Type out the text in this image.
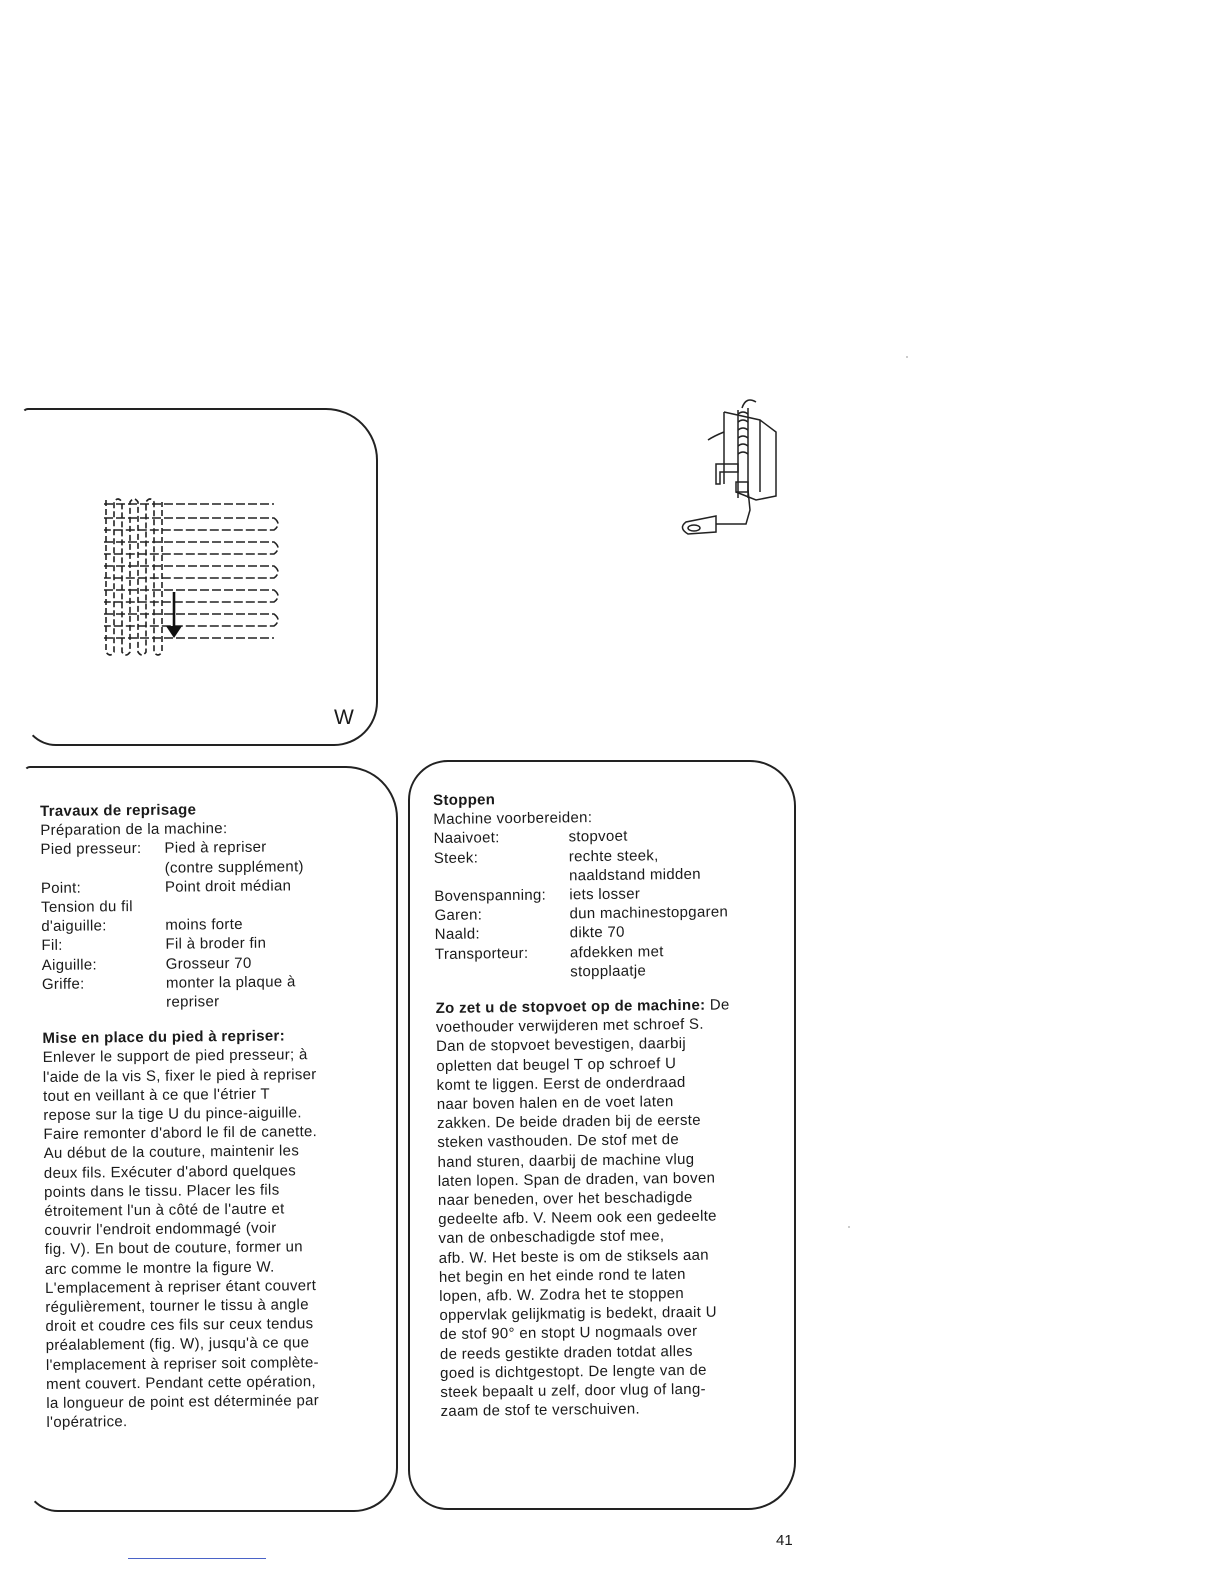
W
Travaux de reprisage
Préparation de la machine:
Pied presseur:	Pied à repriser
(contre supplément)
Point:	Point droit médian
Tension du fil
d'aiguille:	moins forte
Fil:	Fil à broder fin
Aiguille:	Grosseur 70
Griffe:	monter la plaque à
repriser
Mise en place du pied à repriser:
Enlever le support de pied presseur; à
l'aide de la vis S, fixer le pied à repriser
tout en veillant à ce que l'étrier T
repose sur la tige U du pince-aiguille.
Faire remonter d'abord le fil de canette.
Au début de la couture, maintenir les
deux fils. Exécuter d'abord quelques
points dans le tissu. Placer les fils
étroitement l'un à côté de l'autre et
couvrir l'endroit endommagé (voir
fig. V). En bout de couture, former un
arc comme le montre la figure W.
L'emplacement à repriser étant couvert
régulièrement, tourner le tissu à angle
droit et coudre ces fils sur ceux tendus
préalablement (fig. W), jusqu'à ce que
l'emplacement à repriser soit complète-
ment couvert. Pendant cette opération,
la longueur de point est déterminée par
l'opératrice.
Stoppen
Machine voorbereiden:
Naaivoet:	stopvoet
Steek:	rechte steek,
naaldstand midden
Bovenspanning:	iets losser
Garen:	dun machinestopgaren
Naald:	dikte 70
Transporteur:	afdekken met
stopplaatje
Zo zet u de stopvoet op de machine: De
voethouder verwijderen met schroef S.
Dan de stopvoet bevestigen, daarbij
opletten dat beugel T op schroef U
komt te liggen. Eerst de onderdraad
naar boven halen en de voet laten
zakken. De beide draden bij de eerste
steken vasthouden. De stof met de
hand sturen, daarbij de machine vlug
laten lopen. Span de draden, van boven
naar beneden, over het beschadigde
gedeelte afb. V. Neem ook een gedeelte
van de onbeschadigde stof mee,
afb. W. Het beste is om de stiksels aan
het begin en het einde rond te laten
lopen, afb. W. Zodra het te stoppen
oppervlak gelijkmatig is bedekt, draait U
de stof 90° en stopt U nogmaals over
de reeds gestikte draden totdat alles
goed is dichtgestopt. De lengte van de
steek bepaalt u zelf, door vlug of lang-
zaam de stof te verschuiven.
41
